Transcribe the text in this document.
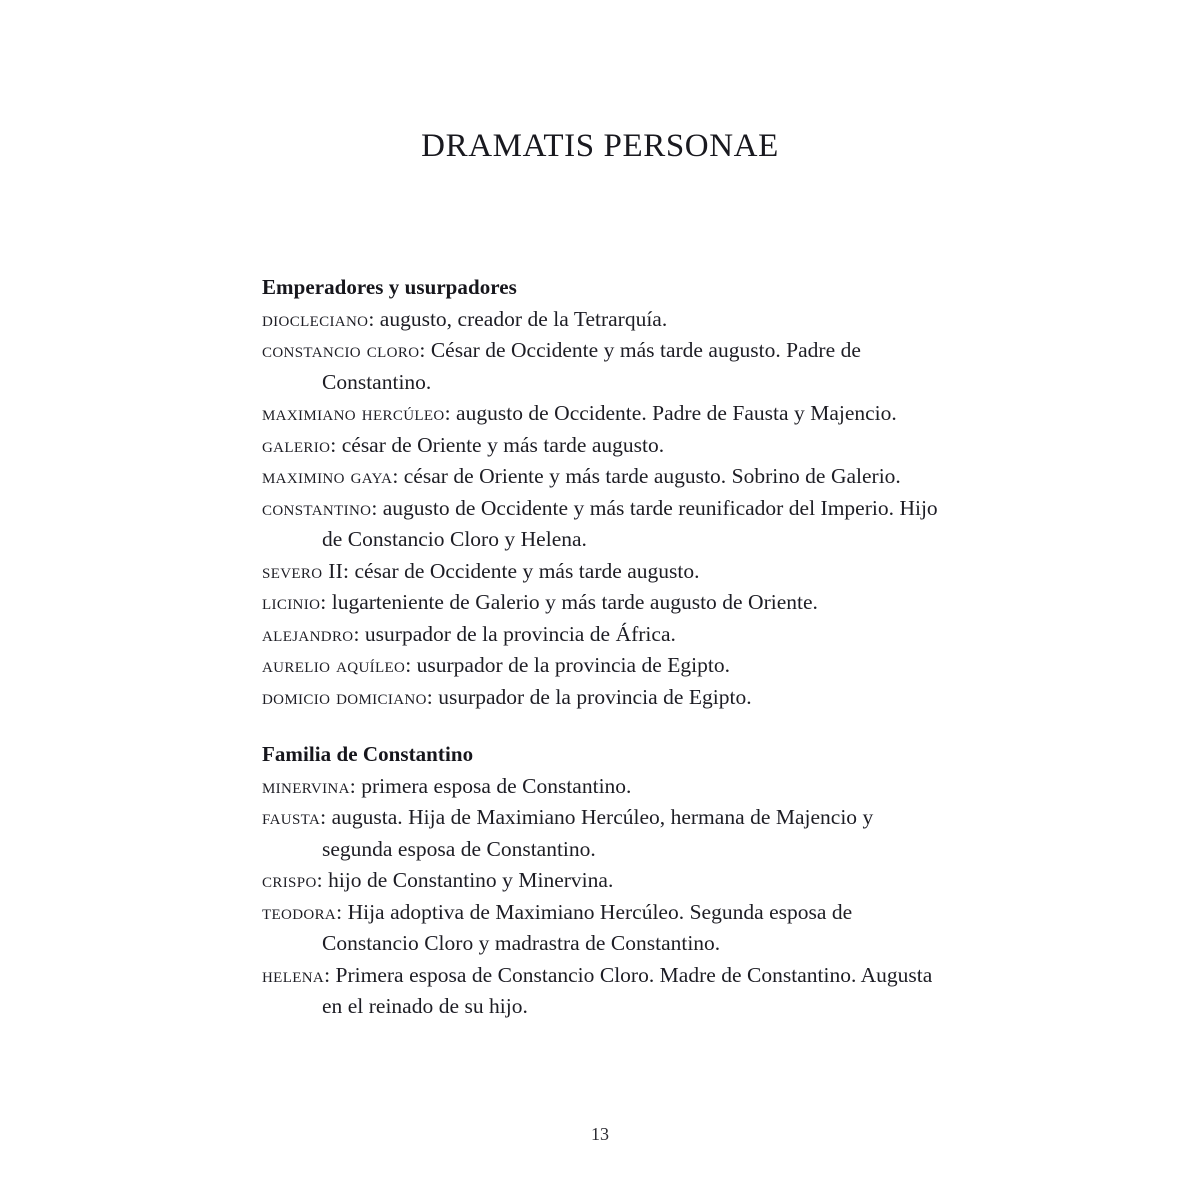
DRAMATIS PERSONAE
Emperadores y usurpadores
diocleciano: augusto, creador de la Tetrarquía.
constancio cloro: César de Occidente y más tarde augusto. Padre de Constantino.
maximiano hercúleo: augusto de Occidente. Padre de Fausta y Majencio.
galerio: césar de Oriente y más tarde augusto.
maximino gaya: césar de Oriente y más tarde augusto. Sobrino de Galerio.
constantino: augusto de Occidente y más tarde reunificador del Imperio. Hijo de Constancio Cloro y Helena.
severo II: césar de Occidente y más tarde augusto.
licinio: lugarteniente de Galerio y más tarde augusto de Oriente.
alejandro: usurpador de la provincia de África.
aurelio aquíleo: usurpador de la provincia de Egipto.
domicio domiciano: usurpador de la provincia de Egipto.
Familia de Constantino
minervina: primera esposa de Constantino.
fausta: augusta. Hija de Maximiano Hercúleo, hermana de Majencio y segunda esposa de Constantino.
crispo: hijo de Constantino y Minervina.
teodora: Hija adoptiva de Maximiano Hercúleo. Segunda esposa de Constancio Cloro y madrastra de Constantino.
helena: Primera esposa de Constancio Cloro. Madre de Constantino. Augusta en el reinado de su hijo.
13
